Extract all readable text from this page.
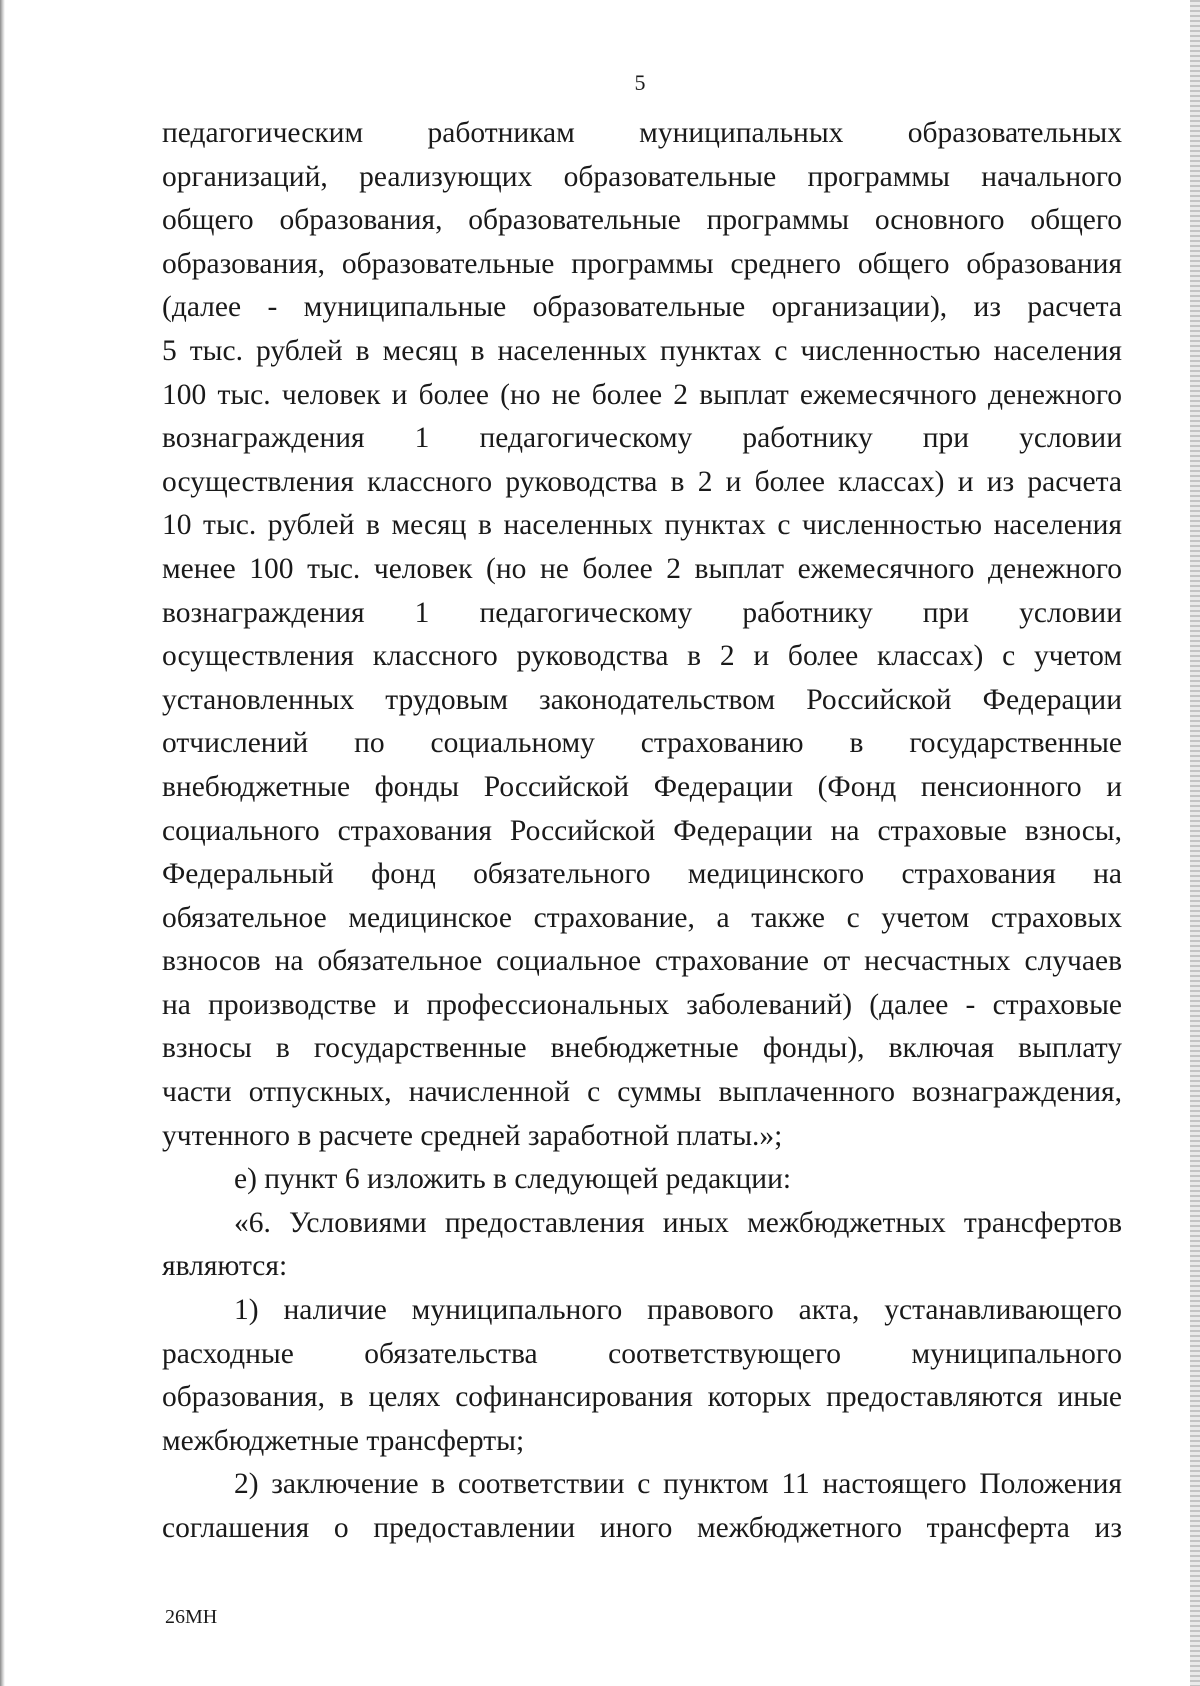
5
педагогическим работникам муниципальных образовательных
организаций, реализующих образовательные программы начального
общего образования, образовательные программы основного общего
образования, образовательные программы среднего общего образования
(далее - муниципальные образовательные организации), из расчета
5 тыс. рублей в месяц в населенных пунктах с численностью населения
100 тыс. человек и более (но не более 2 выплат ежемесячного денежного
вознаграждения 1 педагогическому работнику при условии
осуществления классного руководства в 2 и более классах) и из расчета
10 тыс. рублей в месяц в населенных пунктах с численностью населения
менее 100 тыс. человек (но не более 2 выплат ежемесячного денежного
вознаграждения 1 педагогическому работнику при условии
осуществления классного руководства в 2 и более классах) с учетом
установленных трудовым законодательством Российской Федерации
отчислений по социальному страхованию в государственные
внебюджетные фонды Российской Федерации (Фонд пенсионного и
социального страхования Российской Федерации на страховые взносы,
Федеральный фонд обязательного медицинского страхования на
обязательное медицинское страхование, а также с учетом страховых
взносов на обязательное социальное страхование от несчастных случаев
на производстве и профессиональных заболеваний) (далее - страховые
взносы в государственные внебюджетные фонды), включая выплату
части отпускных, начисленной с суммы выплаченного вознаграждения,
учтенного в расчете средней заработной платы.»;
е) пункт 6 изложить в следующей редакции:
«6. Условиями предоставления иных межбюджетных трансфертов
являются:
1) наличие муниципального правового акта, устанавливающего
расходные обязательства соответствующего муниципального
образования, в целях софинансирования которых предоставляются иные
межбюджетные трансферты;
2) заключение в соответствии с пунктом 11 настоящего Положения
соглашения о предоставлении иного межбюджетного трансферта из
26МН
